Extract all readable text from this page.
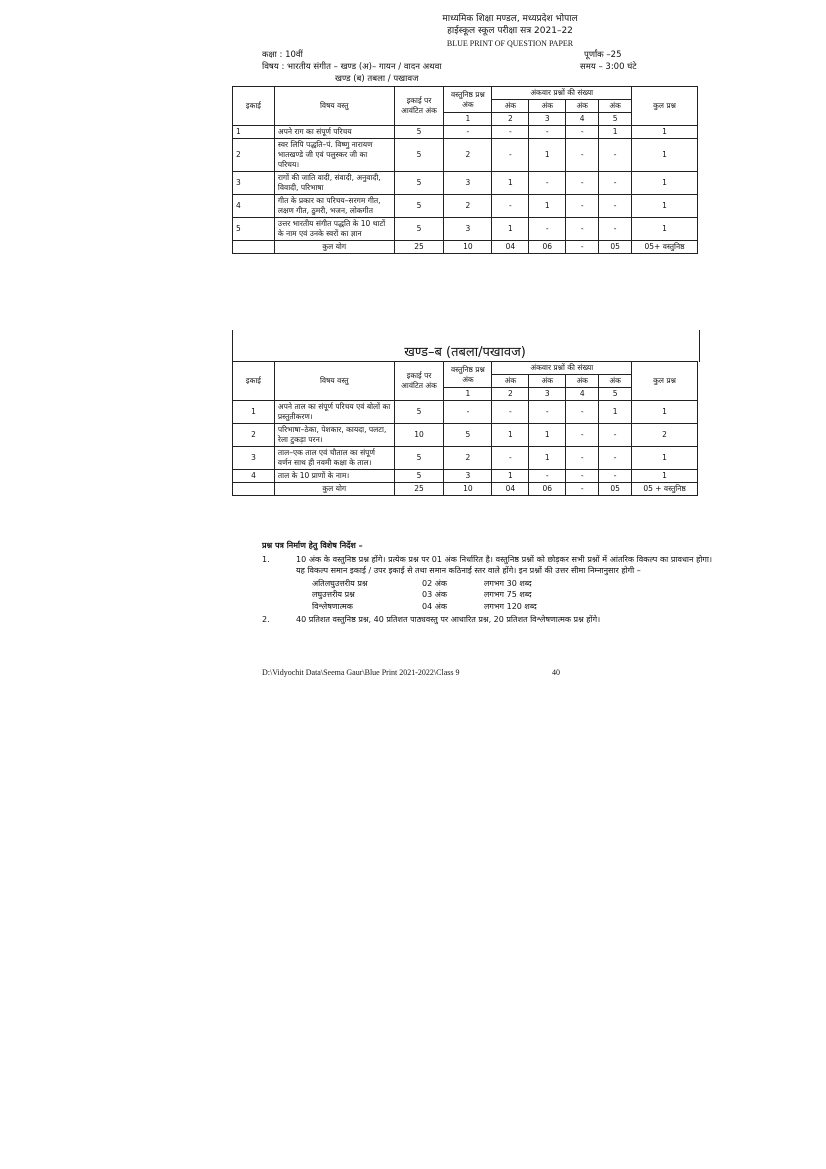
माध्यमिक शिक्षा मण्डल, मध्यप्रदेश भोपाल
हाईस्कूल स्कूल परीक्षा सत्र 2021–22
BLUE PRINT OF QUESTION PAPER
कक्षा : 10वीं	पूर्णांक –25
विषय : भारतीय संगीत – खण्ड (अ)– गायन / वादन अथवा	समय – 3:00 घंटे
खण्ड (ब) तबला / पखावज
इकाई	विषय वस्तु	इकाई पर आवंटित अंक	वस्तुनिष्ठ प्रश्न अंक	अंकवार प्रश्नों की संख्या				कुल प्रश्न
				अंक	अंक	अंक	अंक	
			1	2	3	4	5	
1	अपने राग का संपूर्ण परिचय	5	-	-	-	-	1	1
2	स्वर लिपि पद्धति–पं. विष्णु नारायण भातखण्डे जी एवं पलुस्कर जी का परिचय।	5	2	-	1	-	-	1
3	रागों की जाति वादी, संवादी, अनुवादी, विवादी, परिभाषा	5	3	1	-	-	-	1
4	गीत के प्रकार का परिचय–सरगम गीत, लक्षण गीत, ठुमरी, भजन, लोकगीत	5	2	-	1	-	-	1
5	उत्तर भारतीय संगीत पद्धति के 10 थाटों के नाम एवं उनके स्वरों का ज्ञान	5	3	1	-	-	-	1
	कुल योग	25	10	04	06	-	05	05+ वस्तुनिष्ठ
खण्ड–ब (तबला/पखावज)
इकाई	विषय वस्तु	इकाई पर आवंटित अंक	वस्तुनिष्ठ प्रश्न अंक	अंकवार प्रश्नों की संख्या				कुल प्रश्न
				अंक	अंक	अंक	अंक	
			1	2	3	4	5	
1	अपने ताल का संपूर्ण परिचय एवं बोलों का प्रस्तुतीकरण।	5	-	-	-	-	1	1
2	परिभाषा–ठेका, पेशकार, कायदा, पलटा, रेला टुकड़ा परन।	10	5	1	1	-	-	2
3	ताल–एक ताल एवं चौताल का संपूर्ण वर्णन साथ ही नवमी कक्षा के ताल।	5	2	-	1	-	-	1
4	ताल के 10 प्राणों के नाम।	5	3	1	-	-	-	1
	कुल योग	25	10	04	06	-	05	05 + वस्तुनिष्ठ
प्रश्न पत्र निर्माण हेतु विशेष निर्देश –
1.	10 अंक के वस्तुनिष्ठ प्रश्न होंगे। प्रत्येक प्रश्न पर 01 अंक निर्धारित है। वस्तुनिष्ठ प्रश्नों को छोड़कर सभी प्रश्नों में आंतरिक विकल्प का प्रावधान होगा। यह विकल्प समान इकाई / उपर इकाई से तथा समान कठिनाई स्तर वाले होंगे। इन प्रश्नों की उत्तर सीमा निम्नानुसार होगी –
अतिलघुउत्तरीय प्रश्न	02 अंक	लगभग 30 शब्द
लघुउत्तरीय प्रश्न	03 अंक	लगभग 75 शब्द
विश्लेषणात्मक	04 अंक	लगभग 120 शब्द
2.	40 प्रतिशत वस्तुनिष्ठ प्रश्न, 40 प्रतिशत पाठ्यवस्तु पर आधारित प्रश्न, 20 प्रतिशत विश्लेषणात्मक प्रश्न होंगे।
D:\Vidyochit Data\Seema Gaur\Blue Print 2021-2022\Class 9	40
